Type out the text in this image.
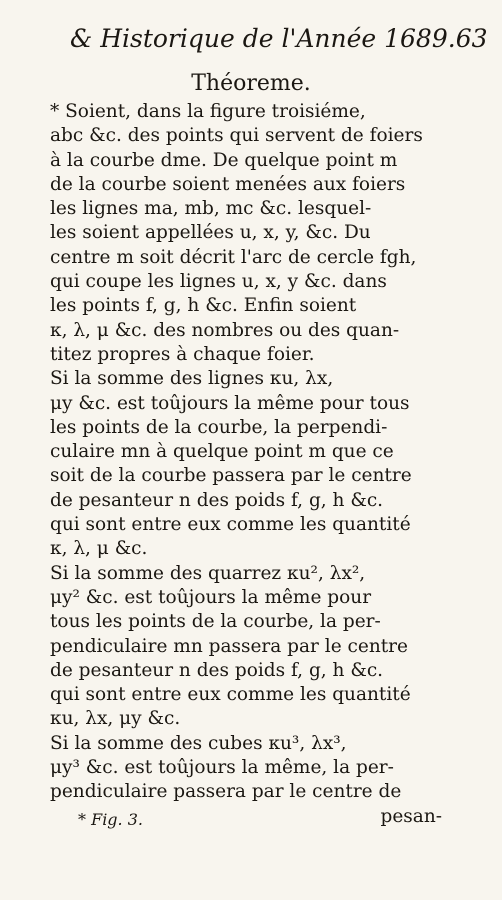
& Historique de l'Année 1689. 63
Théoreme.
* Soient, dans la figure troisiéme,
abc &c. des points qui servent de foiers
à la courbe dme. De quelque point m
de la courbe soient menées aux foiers
les lignes ma, mb, mc &c. lesquel-
les soient appellées u, x, y, &c. Du
centre m soit décrit l'arc de cercle fgh,
qui coupe les lignes u, x, y &c. dans
les points f, g, h &c. Enfin soient
κ, λ, μ &c. des nombres ou des quan-
titez propres à chaque foier.
Si la somme des lignes κu, λx,
μy &c. est toûjours la même pour tous
les points de la courbe, la perpendi-
culaire mn à quelque point m que ce
soit de la courbe passera par le centre
de pesanteur n des poids f, g, h &c.
qui sont entre eux comme les quantité
κ, λ, μ &c.
Si la somme des quarrez κu², λx²,
μy² &c. est toûjours la même pour
tous les points de la courbe, la per-
pendiculaire mn passera par le centre
de pesanteur n des poids f, g, h &c.
qui sont entre eux comme les quantité
κu, λx, μy &c.
Si la somme des cubes κu³, λx³,
μy³ &c. est toûjours la même, la per-
pendiculaire passera par le centre de
pesan-
* Fig. 3.
